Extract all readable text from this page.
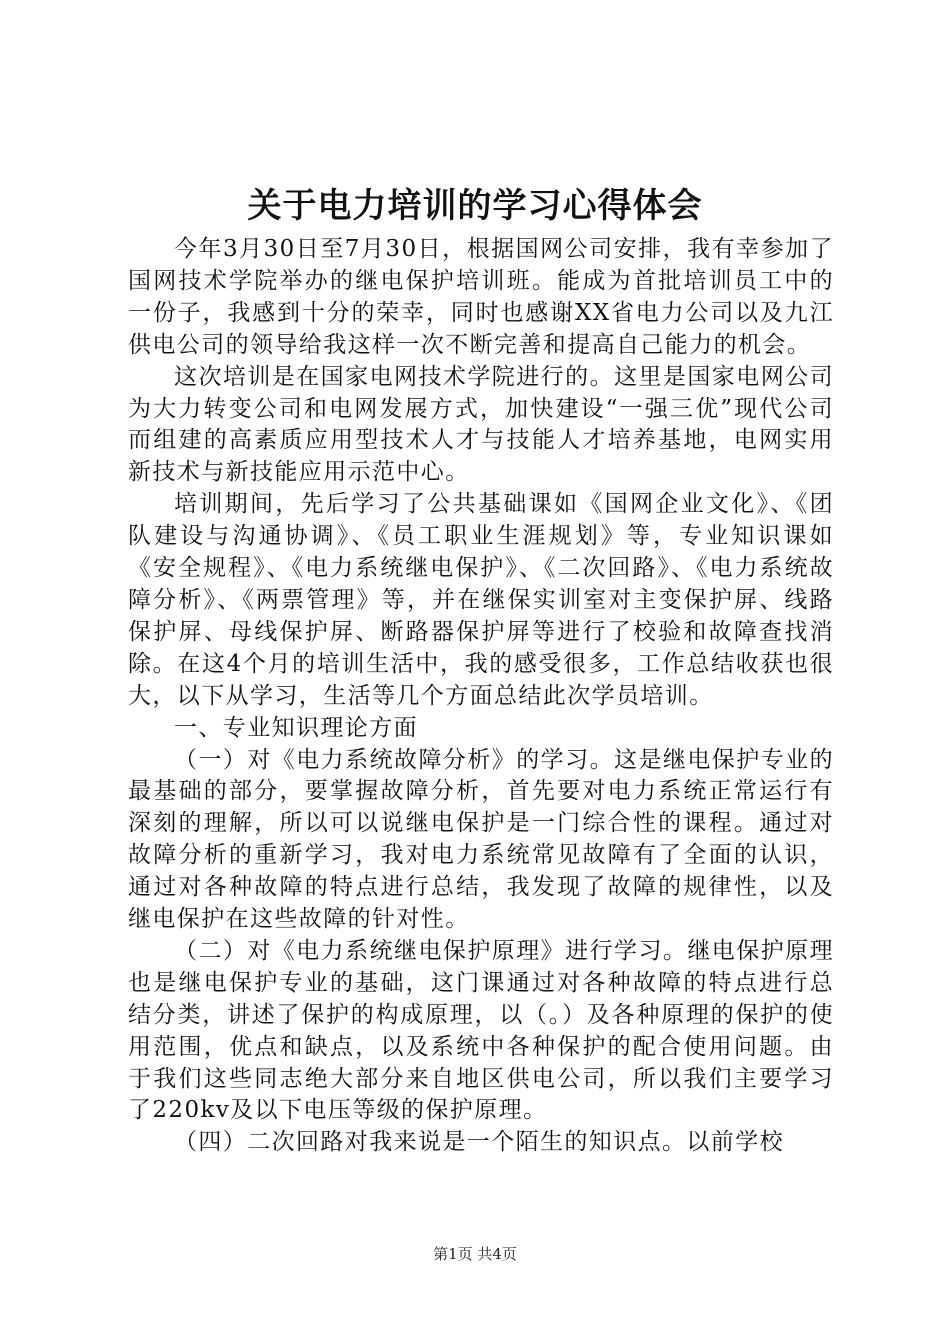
关于电力培训的学习心得体会

今年3月30日至7月30日，根据国网公司安排，我有幸参加了国网技术学院举办的继电保护培训班。能成为首批培训员工中的一份子，我感到十分的荣幸，同时也感谢XX省电力公司以及九江供电公司的领导给我这样一次不断完善和提高自己能力的机会。

这次培训是在国家电网技术学院进行的。这里是国家电网公司为大力转变公司和电网发展方式，加快建设“一强三优”现代公司而组建的高素质应用型技术人才与技能人才培养基地，电网实用新技术与新技能应用示范中心。

培训期间，先后学习了公共基础课如《国网企业文化》、《团队建设与沟通协调》、《员工职业生涯规划》等，专业知识课如《安全规程》、《电力系统继电保护》、《二次回路》、《电力系统故障分析》、《两票管理》等，并在继保实训室对主变保护屏、线路保护屏、母线保护屏、断路器保护屏等进行了校验和故障查找消除。在这4个月的培训生活中，我的感受很多，工作总结收获也很大，以下从学习，生活等几个方面总结此次学员培训。

一、专业知识理论方面

（一）对《电力系统故障分析》的学习。这是继电保护专业的最基础的部分，要掌握故障分析，首先要对电力系统正常运行有深刻的理解，所以可以说继电保护是一门综合性的课程。通过对故障分析的重新学习，我对电力系统常见故障有了全面的认识，通过对各种故障的特点进行总结，我发现了故障的规律性，以及继电保护在这些故障的针对性。

（二）对《电力系统继电保护原理》进行学习。继电保护原理也是继电保护专业的基础，这门课通过对各种故障的特点进行总结分类，讲述了保护的构成原理，以（。）及各种原理的保护的使用范围，优点和缺点，以及系统中各种保护的配合使用问题。由于我们这些同志绝大部分来自地区供电公司，所以我们主要学习了220kv及以下电压等级的保护原理。

（四）二次回路对我来说是一个陌生的知识点。以前学校

第1页 共4页
